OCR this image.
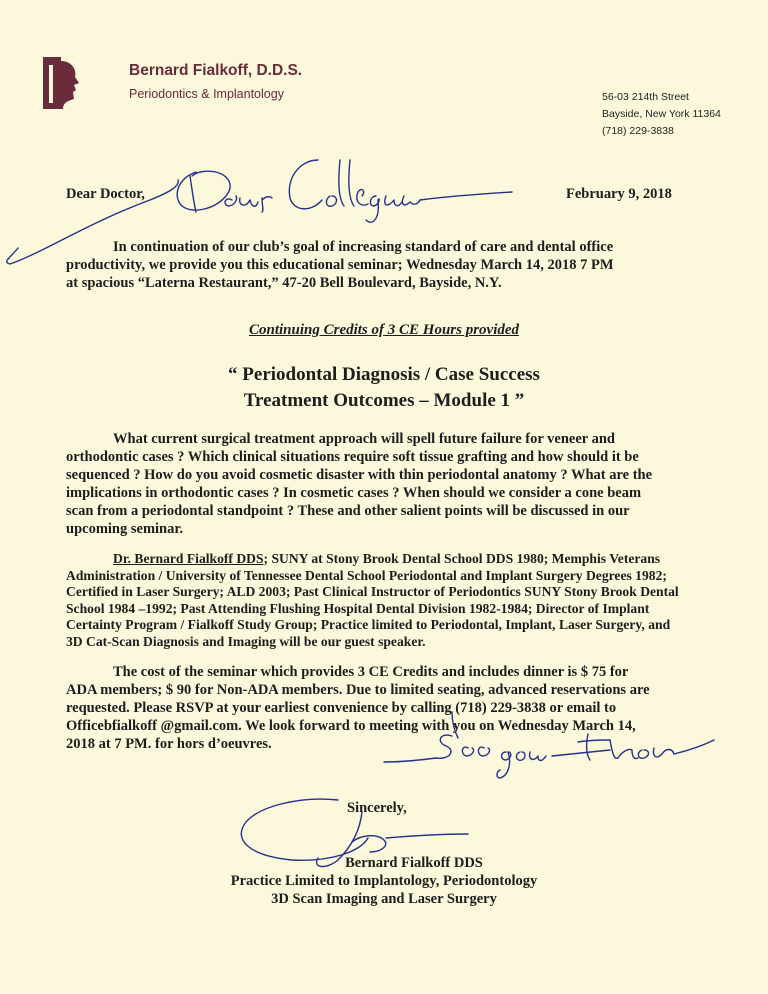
Bernard Fialkoff, D.D.S.
Periodontics & Implantology	56-03 214th Street
Bayside, New York 11364
(718) 229-3838
Dear Doctor,	February 9, 2018
In continuation of our club’s goal of increasing standard of care and dental office
productivity, we provide you this educational seminar; Wednesday March 14, 2018 7 PM
at spacious “Laterna Restaurant,” 47-20 Bell Boulevard, Bayside, N.Y.
Continuing Credits of 3 CE Hours provided
“ Periodontal Diagnosis / Case Success
Treatment Outcomes – Module 1 ”
What current surgical treatment approach will spell future failure for veneer and
orthodontic cases ? Which clinical situations require soft tissue grafting and how should it be
sequenced ? How do you avoid cosmetic disaster with thin periodontal anatomy ? What are the
implications in orthodontic cases ? In cosmetic cases ? When should we consider a cone beam
scan from a periodontal standpoint ? These and other salient points will be discussed in our
upcoming seminar.
Dr. Bernard Fialkoff DDS; SUNY at Stony Brook Dental School DDS 1980; Memphis Veterans
Administration / University of Tennessee Dental School Periodontal and Implant Surgery Degrees 1982;
Certified in Laser Surgery; ALD 2003; Past Clinical Instructor of Periodontics SUNY Stony Brook Dental
School 1984 –1992; Past Attending Flushing Hospital Dental Division 1982-1984; Director of Implant
Certainty Program / Fialkoff Study Group; Practice limited to Periodontal, Implant, Laser Surgery, and
3D Cat-Scan Diagnosis and Imaging will be our guest speaker.
The cost of the seminar which provides 3 CE Credits and includes dinner is $ 75 for
ADA members; $ 90 for Non-ADA members. Due to limited seating, advanced reservations are
requested. Please RSVP at your earliest convenience by calling (718) 229-3838 or email to
Officebfialkoff @gmail.com. We look forward to meeting with you on Wednesday March 14,
2018 at 7 PM. for hors d’oeuvres.
Sincerely,
Bernard Fialkoff DDS
Practice Limited to Implantology, Periodontology
3D Scan Imaging and Laser Surgery
